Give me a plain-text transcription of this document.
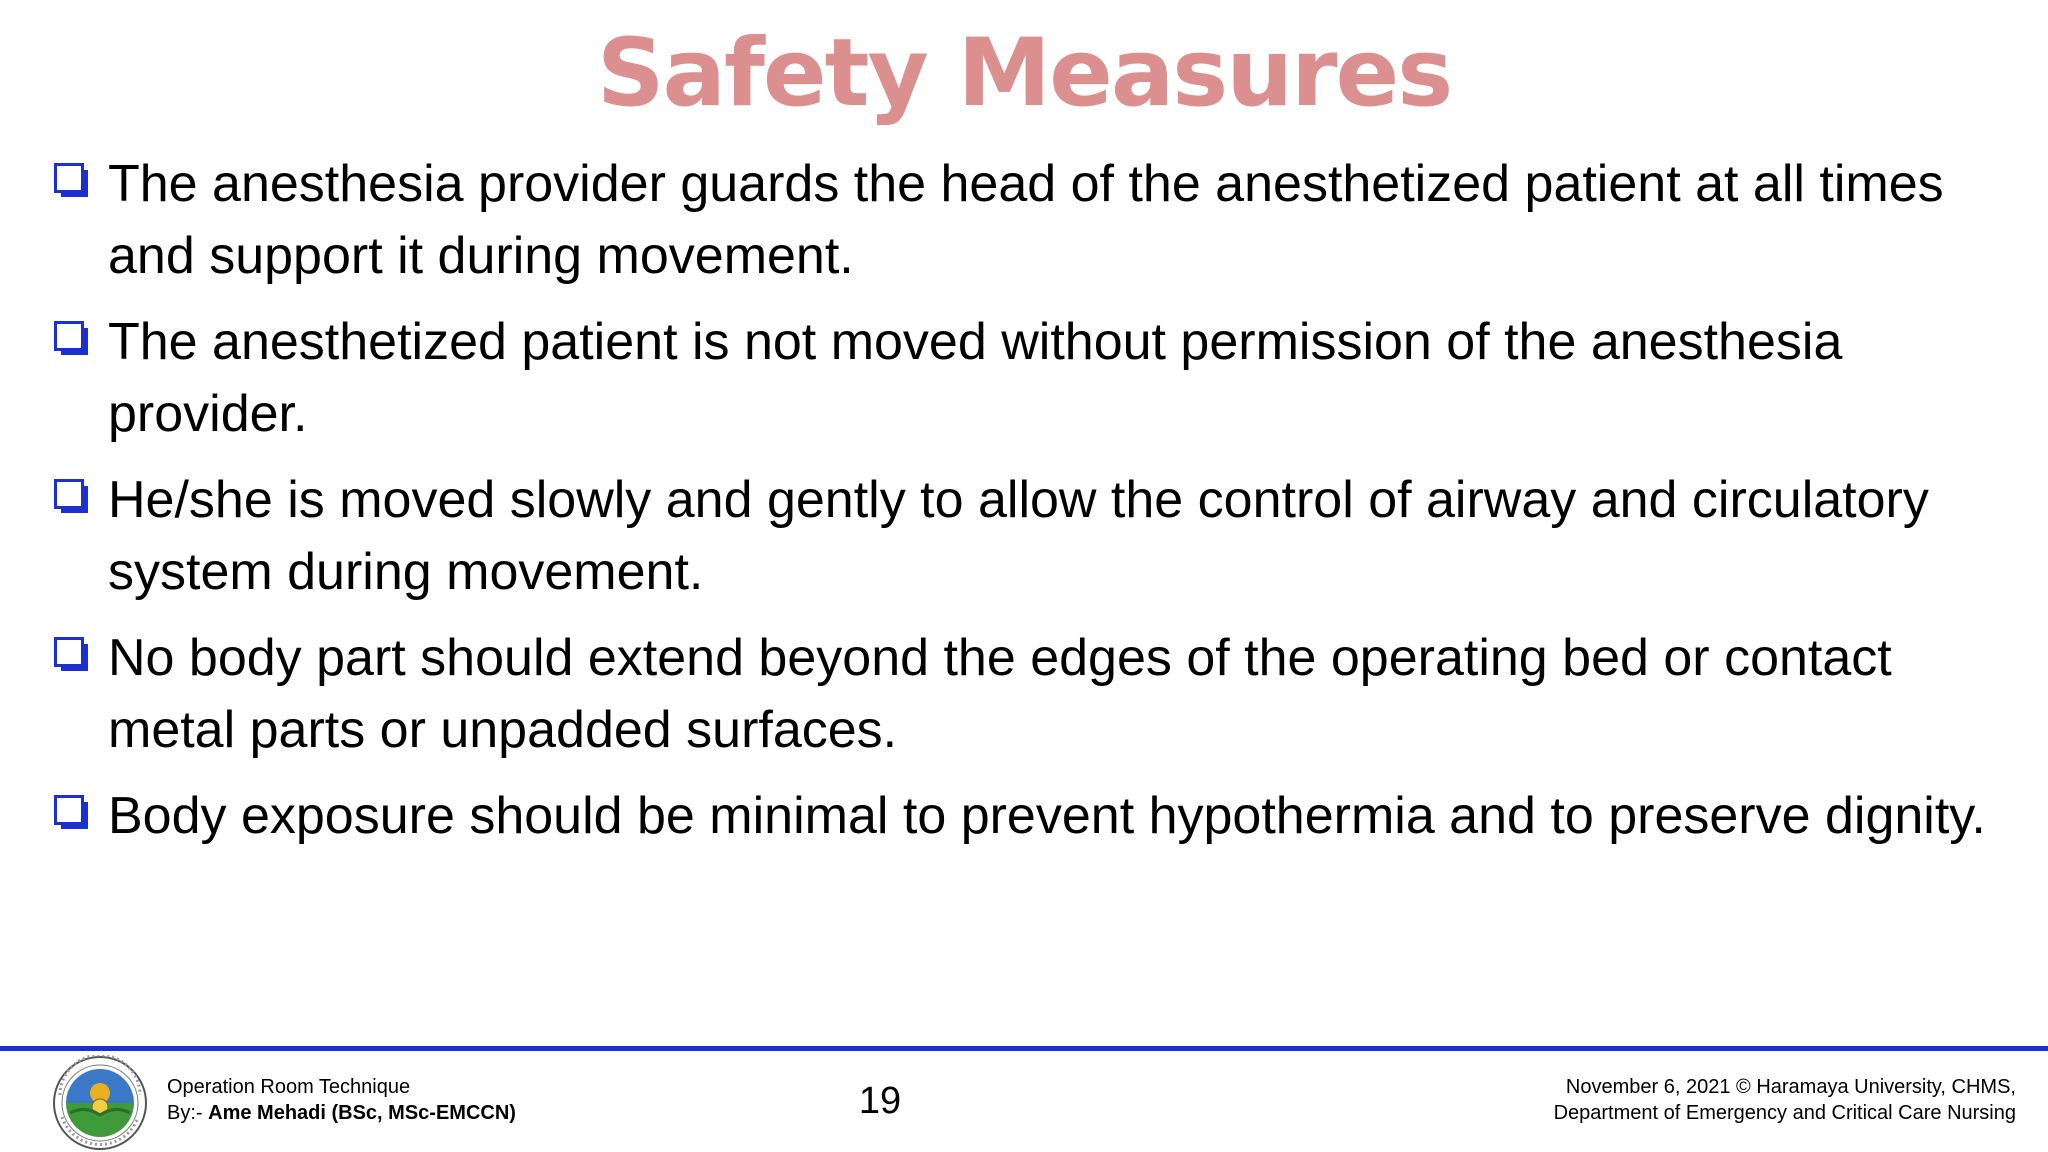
Safety Measures
The anesthesia provider guards the head of the anesthetized patient at all times and support it during movement.
The anesthetized patient is not moved without permission of the anesthesia provider.
He/she is moved slowly and gently to allow the control of airway and circulatory system during movement.
No body part should extend beyond the edges of the operating bed or contact metal parts or unpadded surfaces.
Body exposure should be minimal to prevent hypothermia and to preserve dignity.
Operation Room Technique
By:- Ame Mehadi (BSc, MSc-EMCCN)	19	November 6, 2021 © Haramaya University, CHMS,
Department of Emergency and Critical Care Nursing
